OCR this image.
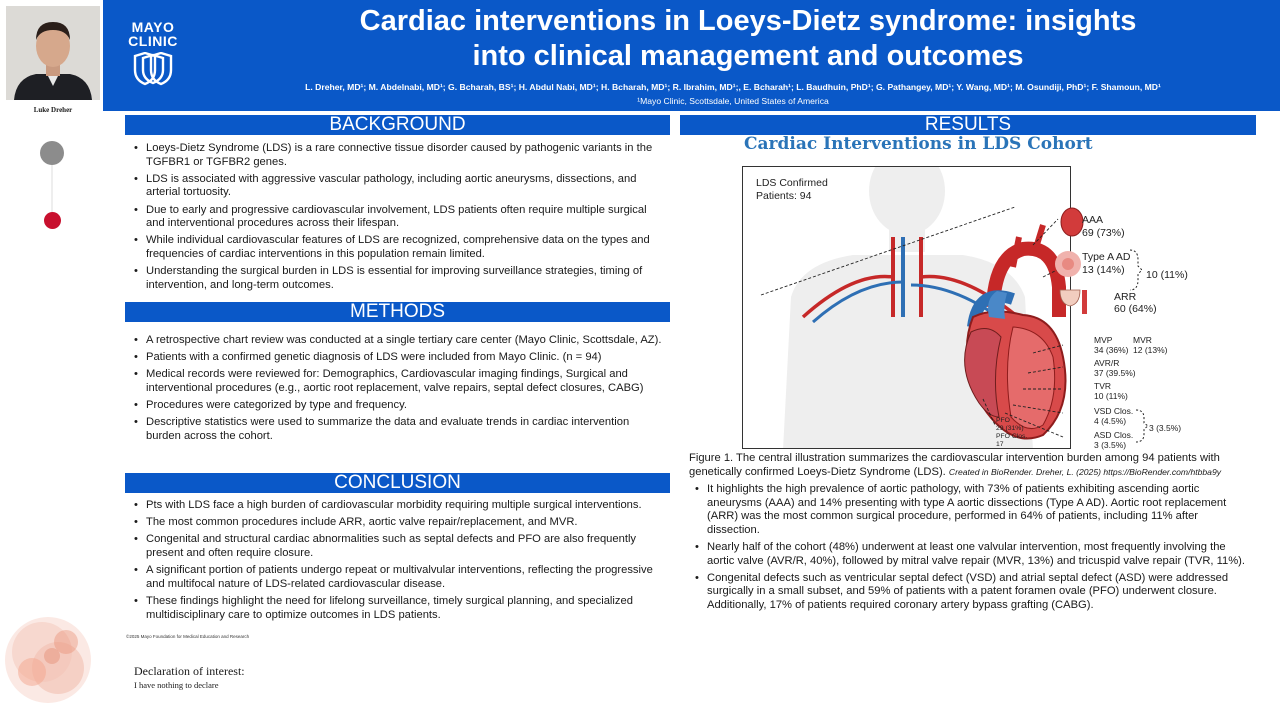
MAYO
CLINIC
Cardiac interventions in Loeys-Dietz syndrome: insights
into clinical management and outcomes
L. Dreher, MD¹; M. Abdelnabi, MD¹; G. Bcharah, BS¹; H. Abdul Nabi, MD¹; H. Bcharah, MD¹; R. Ibrahim, MD¹;, E. Bcharah¹; L. Baudhuin, PhD¹; G. Pathangey, MD¹; Y. Wang, MD¹; M. Osundiji, PhD¹; F. Shamoun, MD¹
¹Mayo Clinic, Scottsdale, United States of America
Luke Dreher
BACKGROUND
• Loeys-Dietz Syndrome (LDS) is a rare connective tissue disorder caused by pathogenic variants in the TGFBR1 or TGFBR2 genes.
• LDS is associated with aggressive vascular pathology, including aortic aneurysms, dissections, and arterial tortuosity.
• Due to early and progressive cardiovascular involvement, LDS patients often require multiple surgical and interventional procedures across their lifespan.
• While individual cardiovascular features of LDS are recognized, comprehensive data on the types and frequencies of cardiac interventions in this population remain limited.
• Understanding the surgical burden in LDS is essential for improving surveillance strategies, timing of intervention, and long-term outcomes.
METHODS
• A retrospective chart review was conducted at a single tertiary care center (Mayo Clinic, Scottsdale, AZ).
• Patients with a confirmed genetic diagnosis of LDS were included from Mayo Clinic. (n = 94)
• Medical records were reviewed for: Demographics, Cardiovascular imaging findings, Surgical and interventional procedures (e.g., aortic root replacement, valve repairs, septal defect closures, CABG)
• Procedures were categorized by type and frequency.
• Descriptive statistics were used to summarize the data and evaluate trends in cardiac intervention burden across the cohort.
CONCLUSION
• Pts with LDS face a high burden of cardiovascular morbidity requiring multiple surgical interventions.
• The most common procedures include ARR, aortic valve repair/replacement, and MVR.
• Congenital and structural cardiac abnormalities such as septal defects and PFO are also frequently present and often require closure.
• A significant portion of patients undergo repeat or multivalvular interventions, reflecting the progressive and multifocal nature of LDS-related cardiovascular disease.
• These findings highlight the need for lifelong surveillance, timely surgical planning, and specialized multidisciplinary care to optimize outcomes in LDS patients.
©2025 Mayo Foundation for Medical Education and Research
Declaration of interest:
I have nothing to declare
RESULTS
Cardiac Interventions in LDS Cohort
LDS Confirmed
Patients: 94
AAA
69 (73%)
Type A AD
13 (14%) 10 (11%)
ARR
60 (64%)
MVP
34 (36%)
MVR
12 (13%)
AVR/R
37 (39.5%)
TVR
10 (11%)
VSD Clos.
4 (4.5%)
3 (3.5%)
ASD Clos.
3 (3.5%)
PFO
29 (31%)
PFO Clos.
17
Figure 1. The central illustration summarizes the cardiovascular intervention burden among 94 patients with genetically confirmed Loeys-Dietz Syndrome (LDS). Created in BioRender. Dreher, L. (2025) https://BioRender.com/htbba9y
• It highlights the high prevalence of aortic pathology, with 73% of patients exhibiting ascending aortic aneurysms (AAA) and 14% presenting with type A aortic dissections (Type A AD). Aortic root replacement (ARR) was the most common surgical procedure, performed in 64% of patients, including 11% after dissection.
• Nearly half of the cohort (48%) underwent at least one valvular intervention, most frequently involving the aortic valve (AVR/R, 40%), followed by mitral valve repair (MVR, 13%) and tricuspid valve repair (TVR, 11%).
• Congenital defects such as ventricular septal defect (VSD) and atrial septal defect (ASD) were addressed surgically in a small subset, and 59% of patients with a patent foramen ovale (PFO) underwent closure. Additionally, 17% of patients required coronary artery bypass grafting (CABG).
